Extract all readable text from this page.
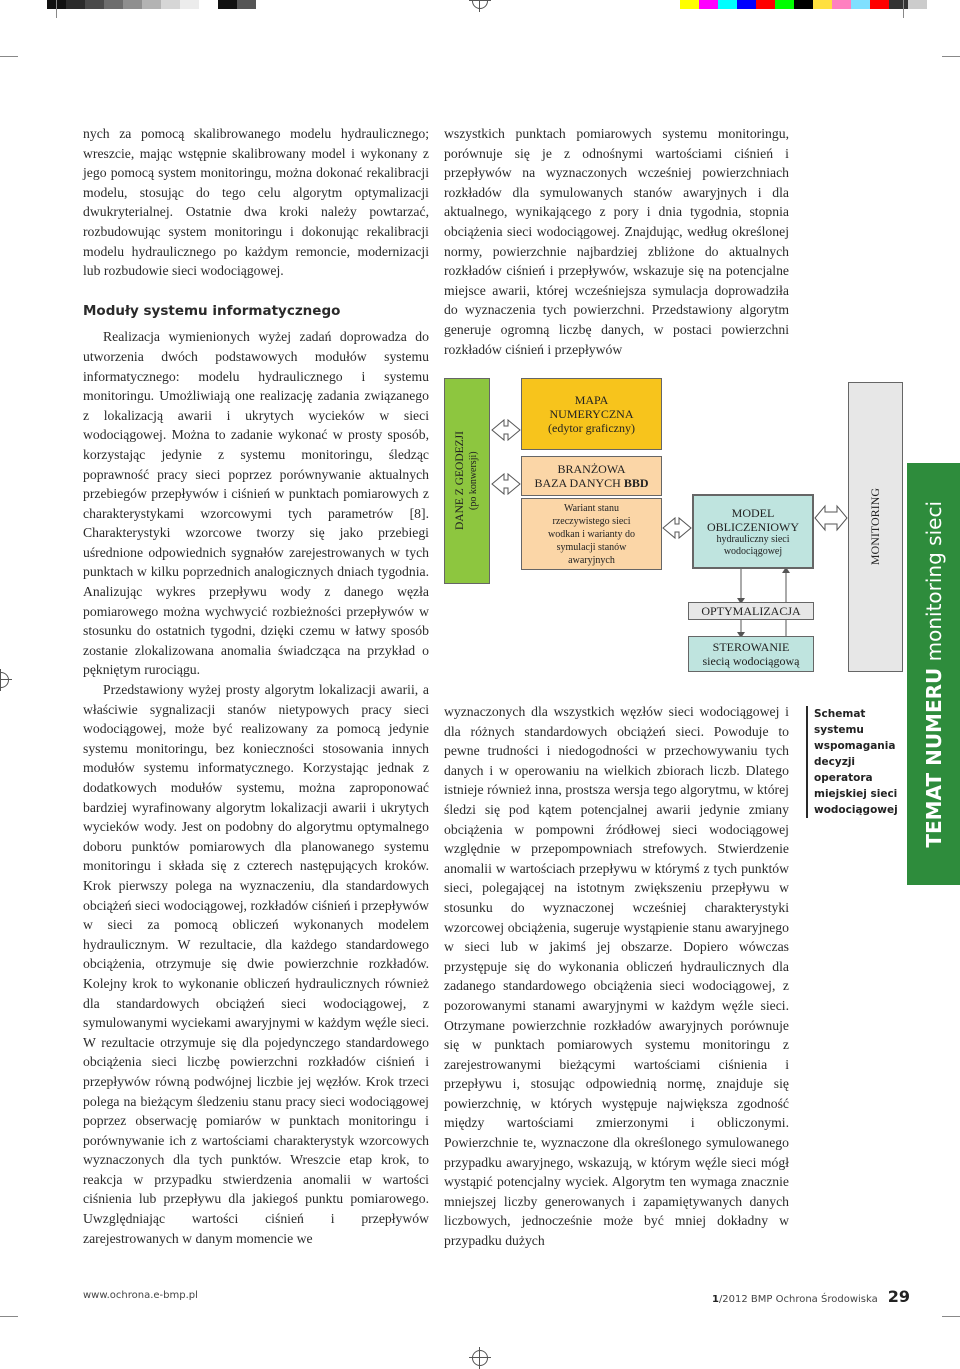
nych za pomocą skalibrowanego modelu hydraulicznego; wreszcie, mając wstępnie skalibrowany model i wykonany z jego pomocą system monitoringu, można dokonać rekalibracji modelu, stosując do tego celu algorytm optymalizacji dwukryterialnej. Ostatnie dwa kroki należy powtarzać, rozbudowując system monitoringu i dokonując rekalibracji modelu hydraulicznego po każdym remoncie, modernizacji lub rozbudowie sieci wodociągowej.

Moduły systemu informatycznego

Realizacja wymienionych wyżej zadań doprowadza do utworzenia dwóch podstawowych modułów systemu informatycznego: modelu hydraulicznego i systemu monitoringu. Umożliwiają one realizację zadania związanego z lokalizacją awarii i ukrytych wycieków w sieci wodociągowej. Można to zadanie wykonać w prosty sposób, korzystając jedynie z systemu monitoringu, śledząc poprawność pracy sieci poprzez porównywanie aktualnych przebiegów przepływów i ciśnień w punktach pomiarowych z charakterystykami wzorcowymi tych parametrów [8]. Charakterystyki wzorcowe tworzy się jako przebiegi uśrednione odpowiednich sygnałów zarejestrowanych w tych punktach w kilku poprzednich analogicznych dniach tygodnia. Analizując wykres przepływu wody z danego węzła pomiarowego można wychwycić rozbieżności przepływów w stosunku do ostatnich tygodni, dzięki czemu w łatwy sposób zostanie zlokalizowana anomalia świadcząca na przykład o pękniętym rurociągu.

Przedstawiony wyżej prosty algorytm lokalizacji awarii, a właściwie sygnalizacji stanów nietypowych pracy sieci wodociągowej, może być realizowany za pomocą jedynie systemu monitoringu, bez konieczności stosowania innych modułów systemu informatycznego. Korzystając jednak z dodatkowych modułów systemu, można zaproponować bardziej wyrafinowany algorytm lokalizacji awarii i ukrytych wycieków wody. Jest on podobny do algorytmu optymalnego doboru punktów pomiarowych dla planowanego systemu monitoringu i składa się z czterech następujących kroków. Krok pierwszy polega na wyznaczeniu, dla standardowych obciążeń sieci wodociągowej, rozkładów ciśnień i przepływów w sieci za pomocą obliczeń wykonanych modelem hydraulicznym. W rezultacie, dla każdego standardowego obciążenia, otrzymuje się dwie powierzchnie rozkładów. Kolejny krok to wykonanie obliczeń hydraulicznych również dla standardowych obciążeń sieci wodociągowej, z symulowanymi wyciekami awaryjnymi w każdym węźle sieci. W rezultacie otrzymuje się dla pojedynczego standardowego obciążenia sieci liczbę powierzchni rozkładów ciśnień i przepływów równą podwójnej liczbie jej węzłów. Krok trzeci polega na bieżącym śledzeniu stanu pracy sieci wodociągowej poprzez obserwację pomiarów w punktach monitoringu i porównywanie ich z wartościami charakterystyk wzorcowych wyznaczonych dla tych punktów. Wreszcie etap krok, to reakcja w przypadku stwierdzenia anomalii w wartości ciśnienia lub przepływu dla jakiegoś punktu pomiarowego. Uwzględniając wartości ciśnień i przepływów zarejestrowanych w danym momencie we

wszystkich punktach pomiarowych systemu monitoringu, porównuje się je z odnośnymi wartościami ciśnień i przepływów na wyznaczonych wcześniej powierzchniach rozkładów dla symulowanych stanów awaryjnych i dla aktualnego, wynikającego z pory i dnia tygodnia, stopnia obciążenia sieci wodociągowej. Znajdując, według określonej normy, powierzchnie najbardziej zbliżone do aktualnych rozkładów ciśnień i przepływów, wskazuje się na potencjalne miejsce awarii, której wcześniejsza symulacja doprowadziła do wyznaczenia tych powierzchni. Przedstawiony algorytm generuje ogromną liczbę danych, w postaci powierzchni rozkładów ciśnień i przepływów

DANE Z GEODEZJI (po konwersji)
MAPA
NUMERYCZNA
(edytor graficzny)
BRANŻOWA
BAZA DANYCH BBD
Wariant stanu rzeczywistego sieci wodkan i warianty do symulacji stanów awaryjnych
MODEL
OBLICZENIOWY
hydrauliczny sieci wodociągowej
OPTYMALIZACJA
STEROWANIE
siecią wodociągową
MONITORING
Schemat systemu wspomagania decyzji operatora miejskiej sieci wodociągowej

wyznaczonych dla wszystkich węzłów sieci wodociągowej i dla różnych standardowych obciążeń sieci. Powoduje to pewne trudności i niedogodności w przechowywaniu tych danych i w operowaniu na wielkich zbiorach liczb. Dlatego istnieje również inna, prostsza wersja tego algorytmu, w której śledzi się pod kątem potencjalnej awarii jedynie zmiany obciążenia w pompowni źródłowej sieci wodociągowej względnie w przepompowniach strefowych. Stwierdzenie anomalii w wartościach przepływu w którymś z tych punktów sieci, polegającej na istotnym zwiększeniu przepływu w stosunku do wyznaczonej wcześniej charakterystyki wzorcowej obciążenia, sugeruje wystąpienie stanu awaryjnego w sieci lub w jakimś jej obszarze. Dopiero wówczas przystępuje się do wykonania obliczeń hydraulicznych dla zadanego standardowego obciążenia sieci wodociągowej, z pozorowanymi stanami awaryjnymi w każdym węźle sieci. Otrzymane powierzchnie rozkładów awaryjnych porównuje się w punktach pomiarowych systemu monitoringu z zarejestrowanymi bieżącymi wartościami ciśnienia i przepływu i, stosując odpowiednią normę, znajduje się powierzchnię, w których występuje największa zgodność między wartościami zmierzonymi i obliczonymi. Powierzchnie te, wyznaczone dla określonego symulowanego przypadku awaryjnego, wskazują, w którym węźle sieci mógł wystąpić potencjalny wyciek. Algorytm ten wymaga znacznie mniejszej liczby generowanych i zapamiętywanych danych liczbowych, jednocześnie może być mniej dokładny w przypadku dużych

TEMAT NUMERU monitoring sieci
www.ochrona.e-bmp.pl	1/2012 BMP Ochrona Środowiska 29
